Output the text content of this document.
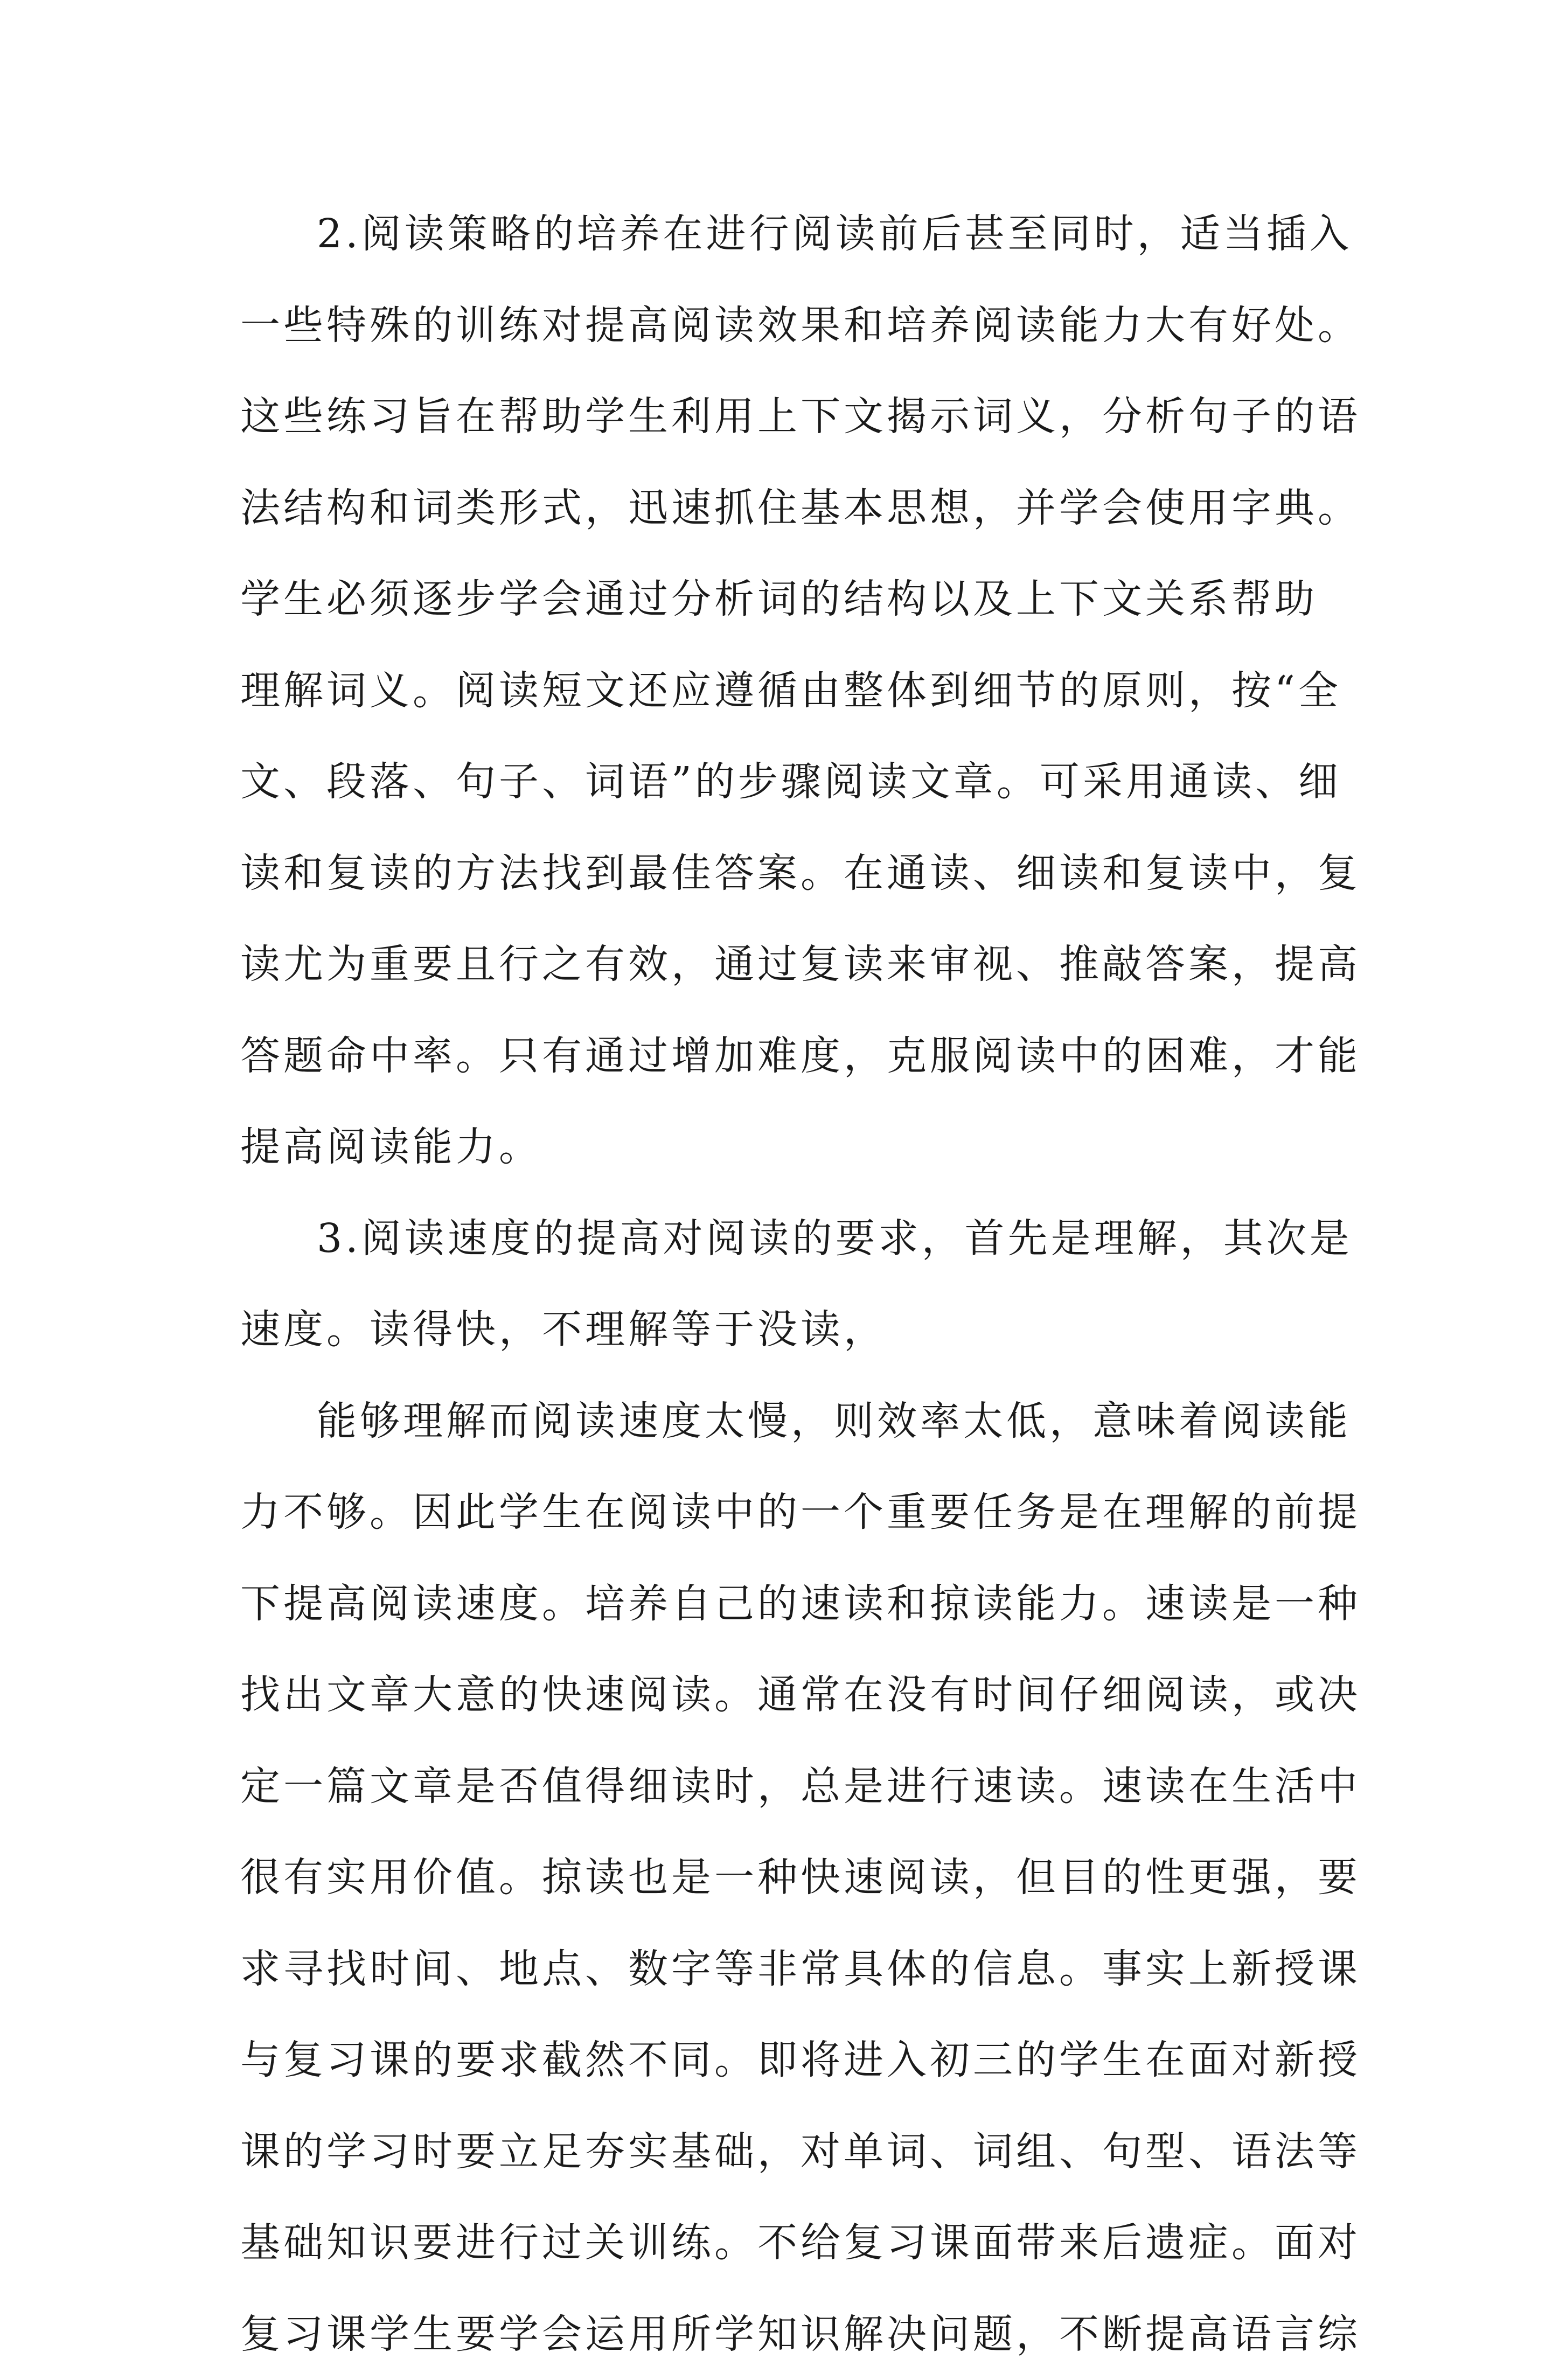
2.阅读策略的培养在进行阅读前后甚至同时，适当插入
一些特殊的训练对提高阅读效果和培养阅读能力大有好处。
这些练习旨在帮助学生利用上下文揭示词义，分析句子的语
法结构和词类形式，迅速抓住基本思想，并学会使用字典。
学生必须逐步学会通过分析词的结构以及上下文关系帮助
理解词义。阅读短文还应遵循由整体到细节的原则，按“全
文、段落、句子、词语”的步骤阅读文章。可采用通读、细
读和复读的方法找到最佳答案。在通读、细读和复读中，复
读尤为重要且行之有效，通过复读来审视、推敲答案，提高
答题命中率。只有通过增加难度，克服阅读中的困难，才能
提高阅读能力。
3.阅读速度的提高对阅读的要求，首先是理解，其次是
速度。读得快，不理解等于没读，
能够理解而阅读速度太慢，则效率太低，意味着阅读能
力不够。因此学生在阅读中的一个重要任务是在理解的前提
下提高阅读速度。培养自己的速读和掠读能力。速读是一种
找出文章大意的快速阅读。通常在没有时间仔细阅读，或决
定一篇文章是否值得细读时，总是进行速读。速读在生活中
很有实用价值。掠读也是一种快速阅读，但目的性更强，要
求寻找时间、地点、数字等非常具体的信息。事实上新授课
与复习课的要求截然不同。即将进入初三的学生在面对新授
课的学习时要立足夯实基础，对单词、词组、句型、语法等
基础知识要进行过关训练。不给复习课面带来后遗症。面对
复习课学生要学会运用所学知识解决问题，不断提高语言综
